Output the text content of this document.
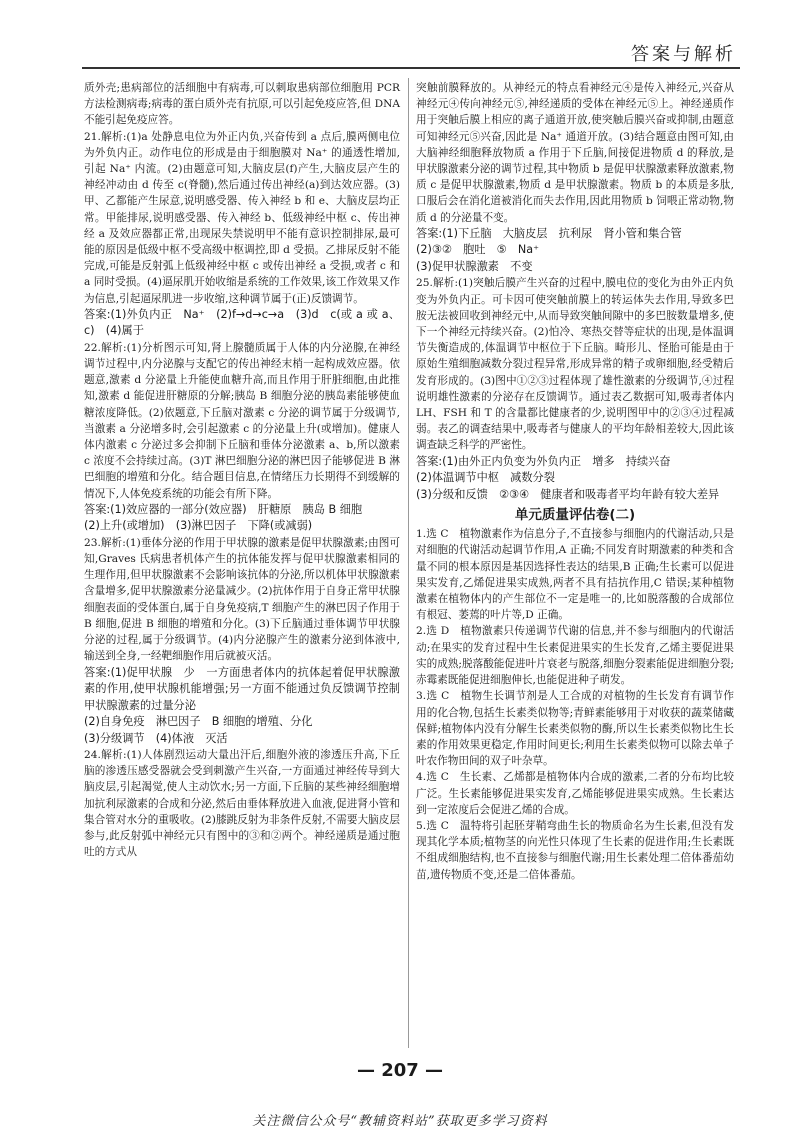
答案与解析

质外壳;患病部位的活细胞中有病毒,可以刺取患病部位细胞用 PCR 方法检测病毒;病毒的蛋白质外壳有抗原,可以引起免疫应答,但 DNA 不能引起免疫应答。

21.解析:(1)a 处静息电位为外正内负,兴奋传到 a 点后,膜两侧电位为外负内正。动作电位的形成是由于细胞膜对 Na⁺ 的通透性增加,引起 Na⁺ 内流。(2)由题意可知,大脑皮层(f)产生,大脑皮层产生的神经冲动由 d 传至 c(脊髓),然后通过传出神经(a)到达效应器。(3)甲、乙都能产生尿意,说明感受器、传入神经 b 和 e、大脑皮层均正常。甲能排尿,说明感受器、传入神经 b、低级神经中枢 c、传出神经 a 及效应器都正常,出现尿失禁说明甲不能有意识控制排尿,最可能的原因是低级中枢不受高级中枢调控,即 d 受损。乙排尿反射不能完成,可能是反射弧上低级神经中枢 c 或传出神经 a 受损,或者 c 和 a 同时受损。(4)逼尿肌开始收缩是系统的工作效果,该工作效果又作为信息,引起逼尿肌进一步收缩,这种调节属于(正)反馈调节。

答案:(1)外负内正　Na⁺　(2)f→d→c→a　(3)d　c(或 a 或 a、c)　(4)属于

22.解析:(1)分析图示可知,肾上腺髓质属于人体的内分泌腺,在神经调节过程中,内分泌腺与支配它的传出神经末梢一起构成效应器。依题意,激素 d 分泌量上升能使血糖升高,而且作用于肝脏细胞,由此推知,激素 d 能促进肝糖原的分解;胰岛 B 细胞分泌的胰岛素能够使血糖浓度降低。(2)依题意,下丘脑对激素 c 分泌的调节属于分级调节,当激素 a 分泌增多时,会引起激素 c 的分泌量上升(或增加)。健康人体内激素 c 分泌过多会抑制下丘脑和垂体分泌激素 a、b,所以激素 c 浓度不会持续过高。(3)T 淋巴细胞分泌的淋巴因子能够促进 B 淋巴细胞的增殖和分化。结合题目信息,在情绪压力长期得不到缓解的情况下,人体免疫系统的功能会有所下降。

答案:(1)效应器的一部分(效应器)　肝糖原　胰岛 B 细胞

(2)上升(或增加)　(3)淋巴因子　下降(或减弱)

23.解析:(1)垂体分泌的作用于甲状腺的激素是促甲状腺激素;由图可知,Graves 氏病患者机体产生的抗体能发挥与促甲状腺激素相同的生理作用,但甲状腺激素不会影响该抗体的分泌,所以机体甲状腺激素含量增多,促甲状腺激素分泌量减少。(2)抗体作用于自身正常甲状腺细胞表面的受体蛋白,属于自身免疫病,T 细胞产生的淋巴因子作用于 B 细胞,促进 B 细胞的增殖和分化。(3)下丘脑通过垂体调节甲状腺分泌的过程,属于分级调节。(4)内分泌腺产生的激素分泌到体液中,输送到全身,一经靶细胞作用后就被灭活。

答案:(1)促甲状腺　少　一方面患者体内的抗体起着促甲状腺激素的作用,使甲状腺机能增强;另一方面不能通过负反馈调节控制甲状腺激素的过量分泌

(2)自身免疫　淋巴因子　B 细胞的增殖、分化

(3)分级调节　(4)体液　灭活

24.解析:(1)人体剧烈运动大量出汗后,细胞外液的渗透压升高,下丘脑的渗透压感受器就会受到刺激产生兴奋,一方面通过神经传导到大脑皮层,引起渴觉,使人主动饮水;另一方面,下丘脑的某些神经细胞增加抗利尿激素的合成和分泌,然后由垂体释放进入血液,促进肾小管和集合管对水分的重吸收。(2)膝跳反射为非条件反射,不需要大脑皮层参与,此反射弧中神经元只有图中的③和②两个。神经递质是通过胞吐的方式从

突触前膜释放的。从神经元的特点看神经元④是传入神经元,兴奋从神经元④传向神经元⑤,神经递质的受体在神经元⑤上。神经递质作用于突触后膜上相应的离子通道开放,使突触后膜兴奋或抑制,由题意可知神经元⑤兴奋,因此是 Na⁺ 通道开放。(3)结合题意由图可知,由大脑神经细胞释放物质 a 作用于下丘脑,间接促进物质 d 的释放,是甲状腺激素分泌的调节过程,其中物质 b 是促甲状腺激素释放激素,物质 c 是促甲状腺激素,物质 d 是甲状腺激素。物质 b 的本质是多肽,口服后会在消化道被消化而失去作用,因此用物质 b 饲喂正常动物,物质 d 的分泌量不变。

答案:(1)下丘脑　大脑皮层　抗利尿　肾小管和集合管

(2)③②　胞吐　⑤　Na⁺

(3)促甲状腺激素　不变

25.解析:(1)突触后膜产生兴奋的过程中,膜电位的变化为由外正内负变为外负内正。可卡因可使突触前膜上的转运体失去作用,导致多巴胺无法被回收到神经元中,从而导致突触间隙中的多巴胺数量增多,使下一个神经元持续兴奋。(2)怕冷、寒热交替等症状的出现,是体温调节失衡造成的,体温调节中枢位于下丘脑。畸形儿、怪胎可能是由于原始生殖细胞减数分裂过程异常,形成异常的精子或卵细胞,经受精后发育形成的。(3)图中①②③过程体现了雄性激素的分级调节,④过程说明雄性激素的分泌存在反馈调节。通过表乙数据可知,吸毒者体内 LH、FSH 和 T 的含量都比健康者的少,说明图甲中的②③④过程减弱。表乙的调查结果中,吸毒者与健康人的平均年龄相差较大,因此该调查缺乏科学的严密性。

答案:(1)由外正内负变为外负内正　增多　持续兴奋

(2)体温调节中枢　减数分裂

(3)分级和反馈　②③④　健康者和吸毒者平均年龄有较大差异

单元质量评估卷(二)

1.选 C　植物激素作为信息分子,不直接参与细胞内的代谢活动,只是对细胞的代谢活动起调节作用,A 正确;不同发育时期激素的种类和含量不同的根本原因是基因选择性表达的结果,B 正确;生长素可以促进果实发育,乙烯促进果实成熟,两者不具有拮抗作用,C 错误;某种植物激素在植物体内的产生部位不一定是唯一的,比如脱落酸的合成部位有根冠、萎蔫的叶片等,D 正确。

2.选 D　植物激素只传递调节代谢的信息,并不参与细胞内的代谢活动;在果实的发育过程中生长素促进果实的生长发育,乙烯主要促进果实的成熟;脱落酸能促进叶片衰老与脱落,细胞分裂素能促进细胞分裂;赤霉素既能促进细胞伸长,也能促进种子萌发。

3.选 C　植物生长调节剂是人工合成的对植物的生长发育有调节作用的化合物,包括生长素类似物等;青鲜素能够用于对收获的蔬菜储藏保鲜;植物体内没有分解生长素类似物的酶,所以生长素类似物比生长素的作用效果更稳定,作用时间更长;利用生长素类似物可以除去单子叶农作物田间的双子叶杂草。

4.选 C　生长素、乙烯都是植物体内合成的激素,二者的分布均比较广泛。生长素能够促进果实发育,乙烯能够促进果实成熟。生长素达到一定浓度后会促进乙烯的合成。

5.选 C　温特将引起胚芽鞘弯曲生长的物质命名为生长素,但没有发现其化学本质;植物茎的向光性只体现了生长素的促进作用;生长素既不组成细胞结构,也不直接参与细胞代谢;用生长素处理二倍体番茄幼苗,遗传物质不变,还是二倍体番茄。

— 207 —
关注微信公众号“教辅资料站”获取更多学习资料
